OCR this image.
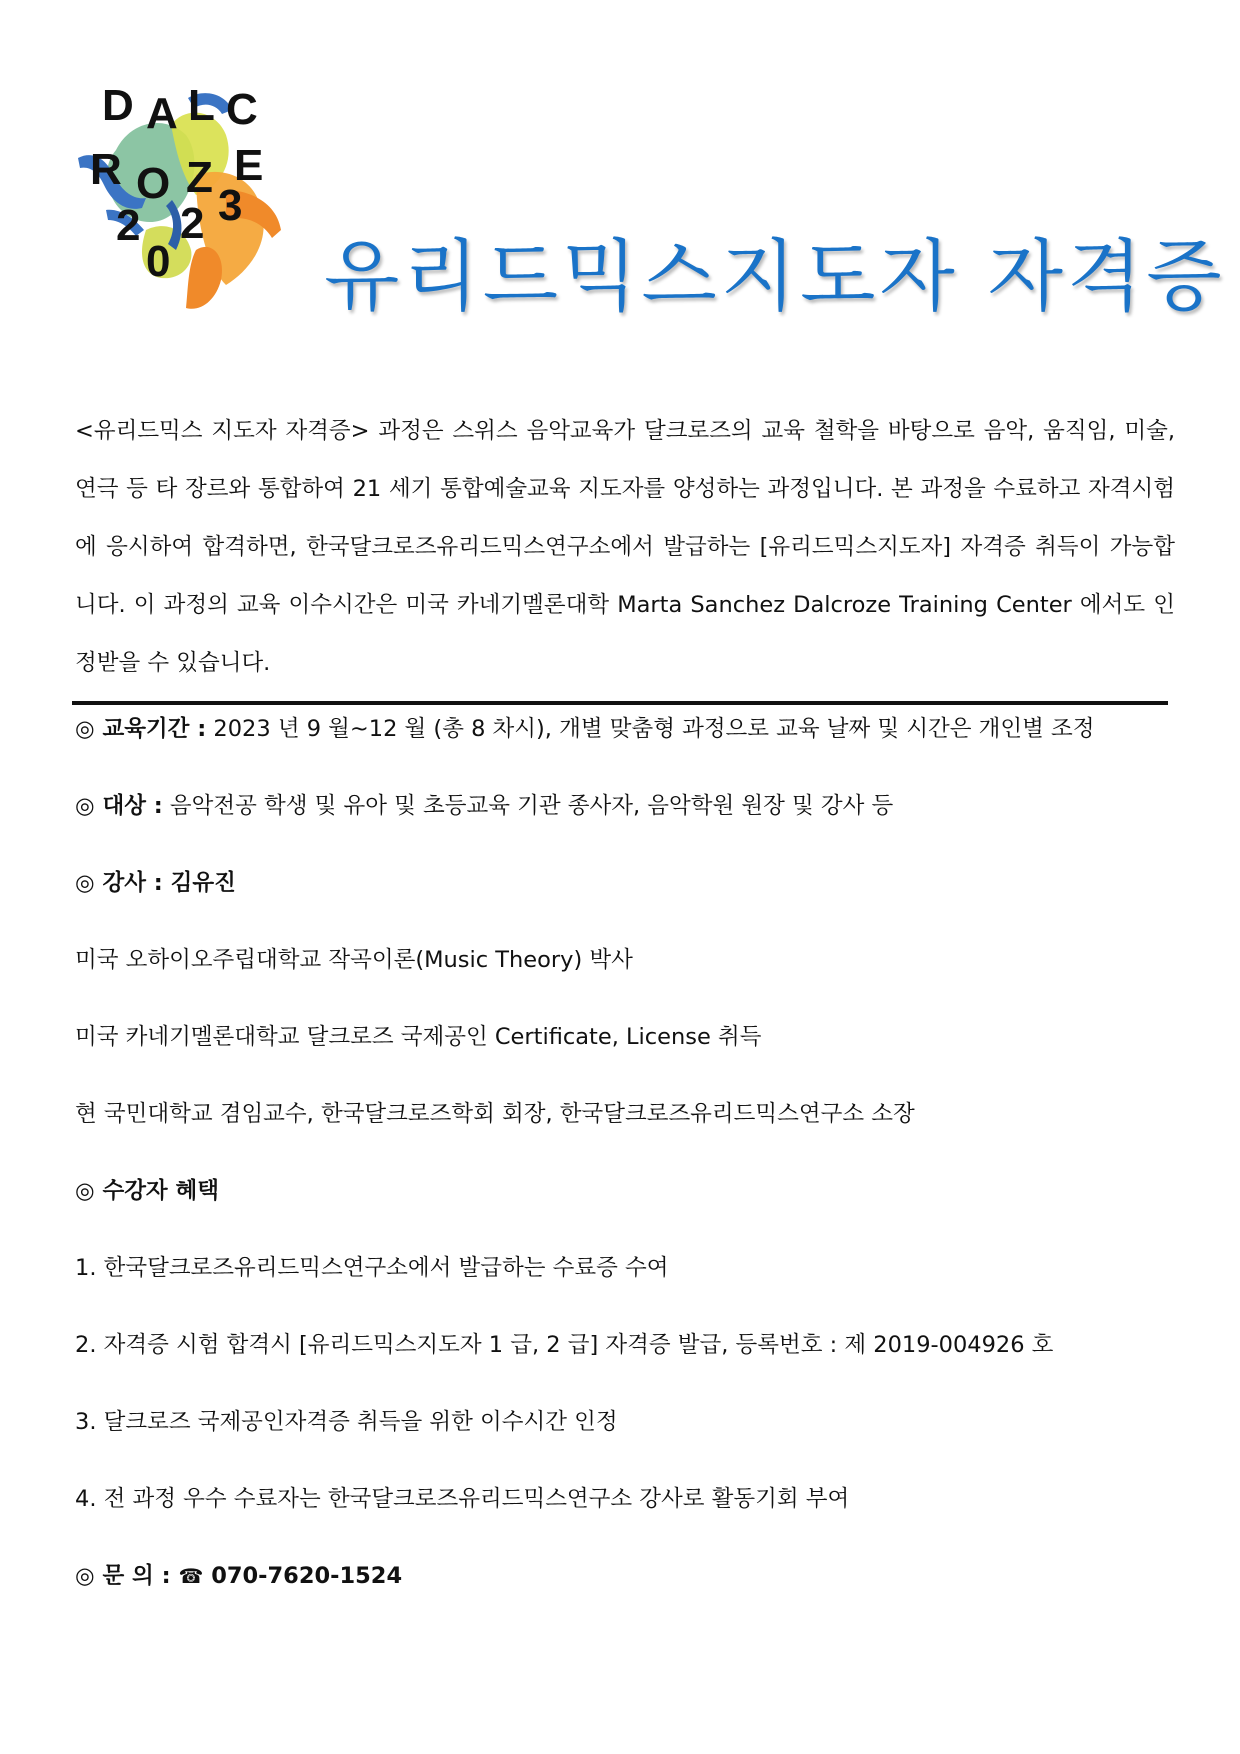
D A L C
R O Z E
2
0
2 3
유리드믹스지도자 자격증

<유리드믹스 지도자 자격증> 과정은 스위스 음악교육가 달크로즈의 교육 철학을 바탕으로 음악, 움직임, 미술, 연극 등 타 장르와 통합하여 21 세기 통합예술교육 지도자를 양성하는 과정입니다. 본 과정을 수료하고 자격시험에 응시하여 합격하면, 한국달크로즈유리드믹스연구소에서 발급하는 [유리드믹스지도자] 자격증 취득이 가능합니다. 이 과정의 교육 이수시간은 미국 카네기멜론대학 Marta Sanchez Dalcroze Training Center 에서도 인정받을 수 있습니다.

◎ 교육기간 : 2023 년 9 월~12 월 (총 8 차시), 개별 맞춤형 과정으로 교육 날짜 및 시간은 개인별 조정
◎ 대상 : 음악전공 학생 및 유아 및 초등교육 기관 종사자, 음악학원 원장 및 강사 등
◎ 강사 : 김유진
미국 오하이오주립대학교 작곡이론(Music Theory) 박사
미국 카네기멜론대학교 달크로즈 국제공인 Certificate, License 취득
현 국민대학교 겸임교수, 한국달크로즈학회 회장, 한국달크로즈유리드믹스연구소 소장
◎ 수강자 혜택
1. 한국달크로즈유리드믹스연구소에서 발급하는 수료증 수여
2. 자격증 시험 합격시 [유리드믹스지도자 1 급, 2 급] 자격증 발급, 등록번호 : 제 2019-004926 호
3. 달크로즈 국제공인자격증 취득을 위한 이수시간 인정
4. 전 과정 우수 수료자는 한국달크로즈유리드믹스연구소 강사로 활동기회 부여
◎ 문 의 : ☎ 070-7620-1524
